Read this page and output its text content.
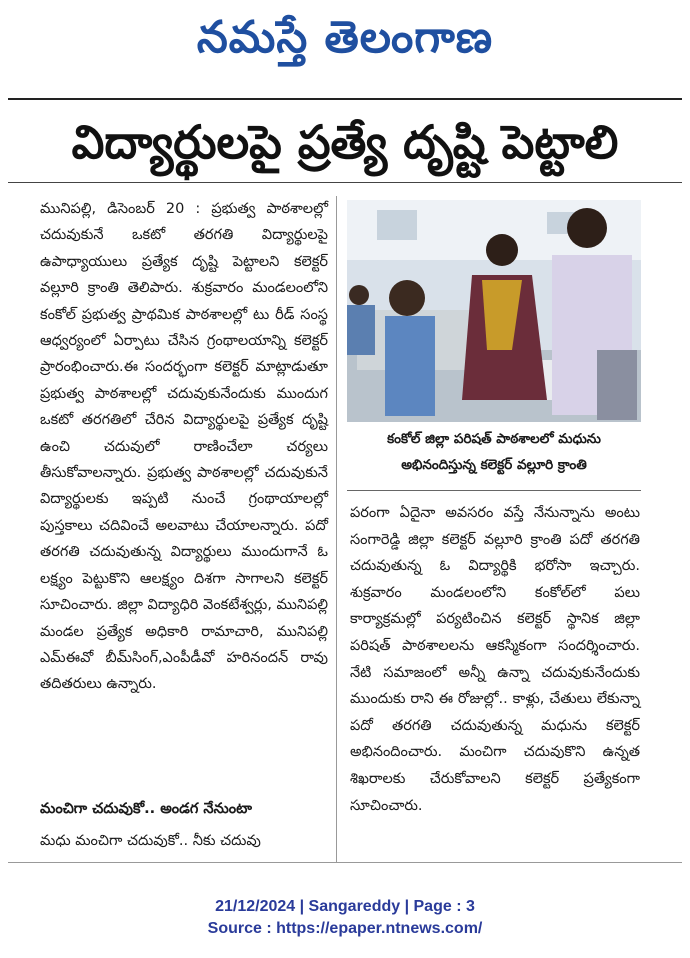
నమస్తే తెలంగాణ
విద్యార్థులపై ప్రత్యే దృష్టి పెట్టాలి

మునిపల్లి, డిసెంబర్ 20 : ప్రభుత్వ పాఠశాలల్లో చదువుకునే ఒకటో తరగతి విద్యార్థులపై ఉపాధ్యాయులు ప్రత్యేక దృష్టి పెట్టాలని కలెక్టర్ వల్లూరి క్రాంతి తెలిపారు. శుక్రవారం మండలంలోని కంకోల్ ప్రభుత్వ ప్రాథమిక పాఠశాలల్లో టు రీడ్ సంస్థ ఆధ్వర్యంలో ఏర్పాటు చేసిన గ్రంథాలయాన్ని కలెక్టర్ ప్రారంభించారు.ఈ సందర్భంగా కలెక్టర్ మాట్లాడుతూ ప్రభుత్వ పాఠశాలల్లో చదువుకునేందుకు ముందుగ ఒకటో తరగతిలో చేరిన విద్యార్థులపై ప్రత్యేక దృష్టి ఉంచి చదువులో రాణించేలా చర్యలు తీసుకోవాలన్నారు. ప్రభుత్వ పాఠశాలల్లో చదువుకునే విద్యార్థులకు ఇప్పటి నుంచే గ్రంథాయాలల్లో పుస్తకాలు చదివించే అలవాటు చేయాలన్నారు. పదో తరగతి చదువుతున్న విద్యార్థులు ముందుగానే ఓ లక్ష్యం పెట్టుకొని ఆలక్ష్యం దిశగా సాగాలని కలెక్టర్ సూచించారు. జిల్లా విద్యాధిరి వెంకటేశ్వర్లు, మునిపల్లి మండల ప్రత్యేక అధికారి రామాచారి, మునిపల్లి ఎమ్ఈవో బీమ్‌సింగ్,ఎంపీడీవో హరినందన్ రావు తదితరులు ఉన్నారు.

మంచిగా చదువుకో.. అండగ నేనుంటా
మధు మంచిగా చదువుకో.. నీకు చదువు
కంకోల్ జిల్లా పరిషత్ పాఠశాలలో మధును
అభినందిస్తున్న కలెక్టర్ వల్లూరి క్రాంతి

పరంగా ఏదైనా అవసరం వస్తే నేనున్నాను అంటు సంగారెడ్డి జిల్లా కలెక్టర్ వల్లూరి క్రాంతి పదో తరగతి చదువుతున్న ఓ విద్యార్థికి భరోసా ఇచ్చారు. శుక్రవారం మండలంలోని కంకోల్‌లో పలు కార్యాక్రమల్లో పర్యటించిన కలెక్టర్ స్థానిక జిల్లా పరిషత్ పాఠశాలలను ఆకస్మికంగా సందర్శించారు. నేటి సమాజంలో అన్నీ ఉన్నా చదువుకునేందుకు ముందుకు రాని ఈ రోజుల్లో.. కాళ్లు, చేతులు లేకున్నా పదో తరగతి చదువుతున్న మధును కలెక్టర్ అభినందించారు. మంచిగా చదువుకొని ఉన్నత శిఖరాలకు చేరుకోవాలని కలెక్టర్ ప్రత్యేకంగా సూచించారు.

21/12/2024 | Sangareddy | Page : 3
Source : https://epaper.ntnews.com/
